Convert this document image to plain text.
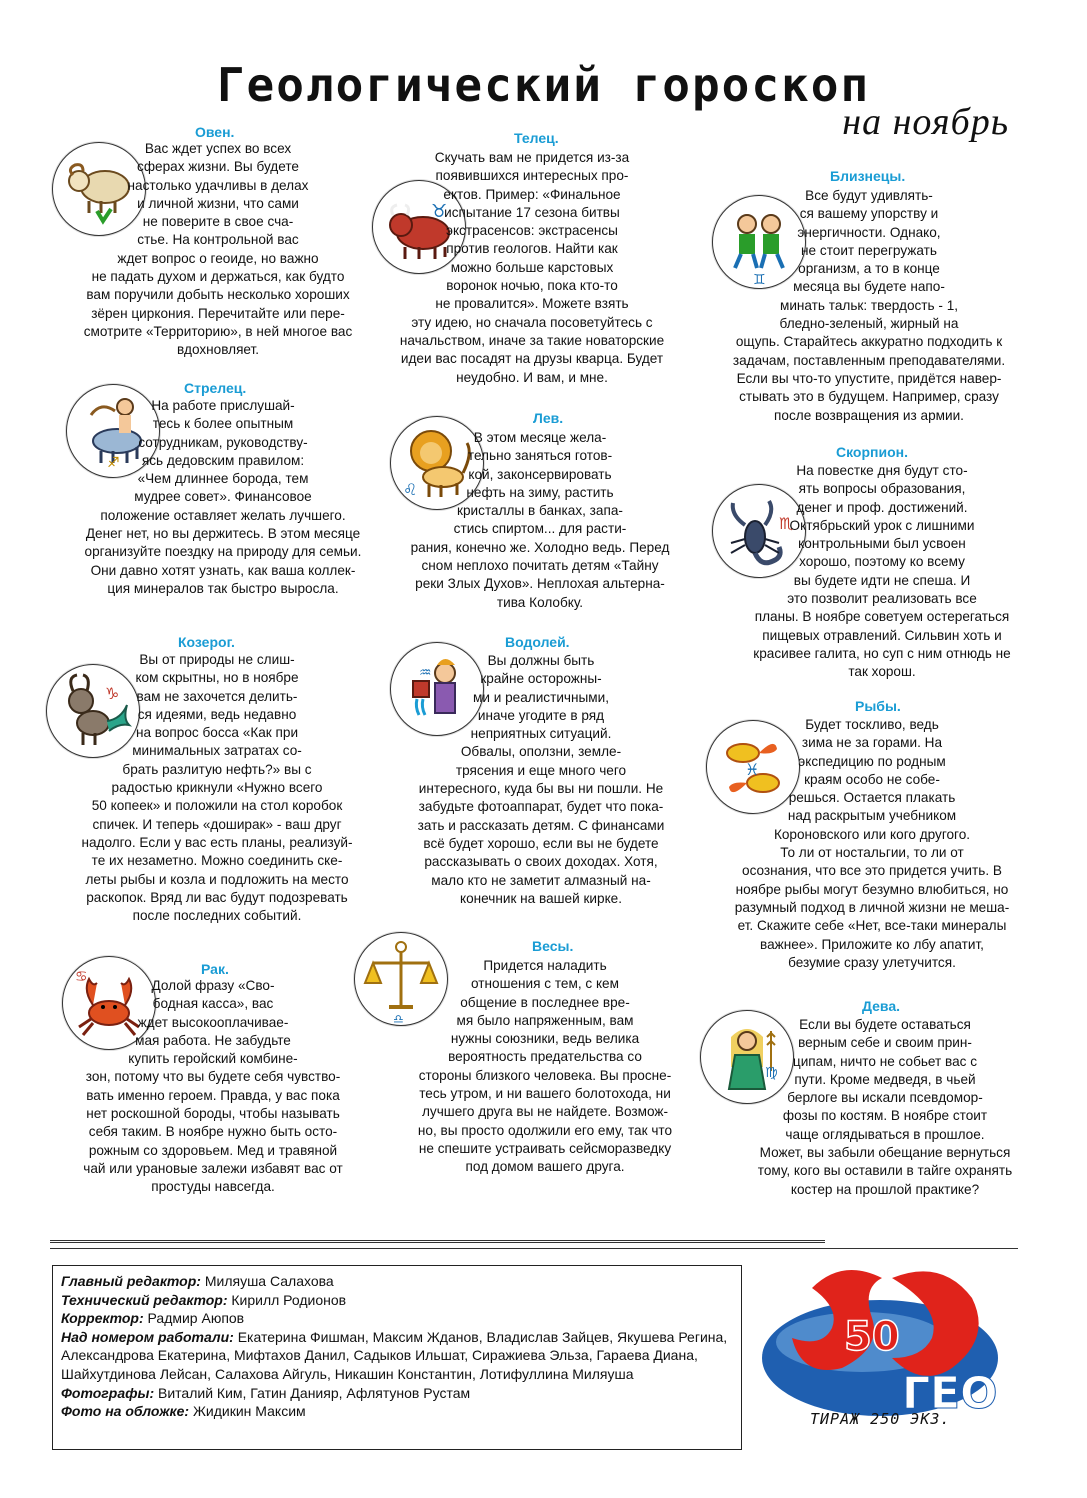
Геологический гороскоп
на ноябрь
Овен.
Вас ждет успех во всех
сферах жизни. Вы будете
настолько удачливы в делах
и личной жизни, что сами
не поверите в свое сча-
стье. На контрольной вас
ждет вопрос о геоиде, но важно
не падать духом и держаться, как будто
вам поручили добыть несколько хороших
зёрен циркония. Перечитайте или пере-
смотрите «Территорию», в ней многое вас
вдохновляет.
♉
Телец.
Скучать вам не придется из-за
появившихся интересных про-
ектов. Пример: «Финальное
испытание 17 сезона битвы
экстрасенсов: экстрасенсы
против геологов. Найти как
можно больше карстовых
воронок ночью, пока кто-то
не провалится». Можете взять
эту идею, но сначала посоветуйтесь с
начальством, иначе за такие новаторские
идеи вас посадят на друзы кварца. Будет
неудобно. И вам, и мне.
♊
Близнецы.
Все будут удивлять-
ся вашему упорству и
энергичности. Однако,
не стоит перегружать
организм, а то в конце
месяца вы будете напо-
минать тальк: твердость - 1,
бледно-зеленый, жирный на
ощупь. Старайтесь аккуратно подходить к
задачам, поставленным преподавателями.
Если вы что-то упустите, придётся навер-
стывать это в будущем. Например, сразу
после возвращения из армии.
♐
Стрелец.
На работе прислушай-
тесь к более опытным
сотрудникам, руководству-
ясь дедовским правилом:
«Чем длиннее борода, тем
мудрее совет». Финансовое
положение оставляет желать лучшего.
Денег нет, но вы держитесь. В этом месяце
организуйте поездку на природу для семьи.
Они давно хотят узнать, как ваша коллек-
ция минералов так быстро выросла.
♌
Лев.
В этом месяце жела-
тельно заняться готов-
кой, законсервировать
нефть на зиму, растить
кристаллы в банках, запа-
стись спиртом... для расти-
рания, конечно же. Холодно ведь. Перед
сном неплохо почитать детям «Тайну
реки Злых Духов». Неплохая альтерна-
тива Колобку.
♏
Скорпион.
На повестке дня будут сто-
ять вопросы образования,
денег и проф. достижений.
Октябрьский урок с лишними
контрольными был усвоен
хорошо, поэтому ко всему
вы будете идти не спеша. И
это позволит реализовать все
планы. В ноябре советуем остерегаться
пищевых отравлений. Сильвин хоть и
красивее галита, но суп с ним отнюдь не
так хорош.
♑
Козерог.
Вы от природы не слиш-
ком скрытны, но в ноябре
вам не захочется делить-
ся идеями, ведь недавно
на вопрос босса «Как при
минимальных затратах со-
брать разлитую нефть?» вы с
радостью крикнули «Нужно всего
50 копеек» и положили на стол коробок
спичек. И теперь «доширак» - ваш друг
надолго. Если у вас есть планы, реализуй-
те их незаметно. Можно соединить ске-
леты рыбы и козла и подложить на место
раскопок. Вряд ли вас будут подозревать
после последних событий.
♒
Водолей.
Вы должны быть
крайне осторожны-
ми и реалистичными,
иначе угодите в ряд
неприятных ситуаций.
Обвалы, оползни, земле-
трясения и еще много чего
интересного, куда бы вы ни пошли. Не
забудьте фотоаппарат, будет что пока-
зать и рассказать детям. С финансами
всё будет хорошо, если вы не будете
рассказывать о своих доходах. Хотя,
мало кто не заметит алмазный на-
конечник на вашей кирке.
♓
Рыбы.
Будет тоскливо, ведь
зима не за горами. На
экспедицию по родным
краям особо не собе-
решься. Остается плакать
над раскрытым учебником
Короновского или кого другого.
То ли от ностальгии, то ли от
осознания, что все это придется учить. В
ноябре рыбы могут безумно влюбиться, но
разумный подход в личной жизни не меша-
ет. Скажите себе «Нет, все-таки минералы
важнее». Приложите ко лбу апатит,
безумие сразу улетучится.
♋	Рак.
Долой фразу «Сво-
бодная касса», вас
ждет высокооплачивае-
мая работа. Не забудьте
купить геройский комбине-
зон, потому что вы будете себя чувство-
вать именно героем. Правда, у вас пока
нет роскошной бороды, чтобы называть
себя таким. В ноябре нужно быть осто-
рожным со здоровьем. Мед и травяной
чай или урановые залежи избавят вас от
простуды навсегда.
♎
Весы.
Придется наладить
отношения с тем, с кем
общение в последнее вре-
мя было напряженным, вам
нужны союзники, ведь велика
вероятность предательства со
стороны близкого человека. Вы просне-
тесь утром, и ни вашего болотохода, ни
лучшего друга вы не найдете. Возмож-
но, вы просто одолжили его ему, так что
не спешите устраивать сейсморазведку
под домом вашего друга.
♍
Дева.
Если вы будете оставаться
верным себе и своим прин-
ципам, ничто не собьет вас с
пути. Кроме медведя, в чьей
берлоге вы искали псевдомор-
фозы по костям. В ноябре стоит
чаще оглядываться в прошлое.
Может, вы забыли обещание вернуться
тому, кого вы оставили в тайге охранять
костер на прошлой практике?
Главный редактор: Миляуша Салахова
Технический редактор: Кирилл Родионов
Корректор: Радмир Аюпов
Над номером работали: Екатерина Фишман, Максим Жданов, Владислав Зайцев, Якушева Регина, Александрова Екатерина, Мифтахов Данил, Садыков Ильшат, Сиражиева Эльза, Гараева Диана, Шайхутдинова Лейсан, Салахова Айгуль, Никашин Константин, Лотифуллина Миляуша
Фотографы: Виталий Ким, Гатин Данияр, Афлятунов Рустам
Фото на обложке: Жидикин Максим
50
ГЕО
ТИРАЖ 250 ЭКЗ.
